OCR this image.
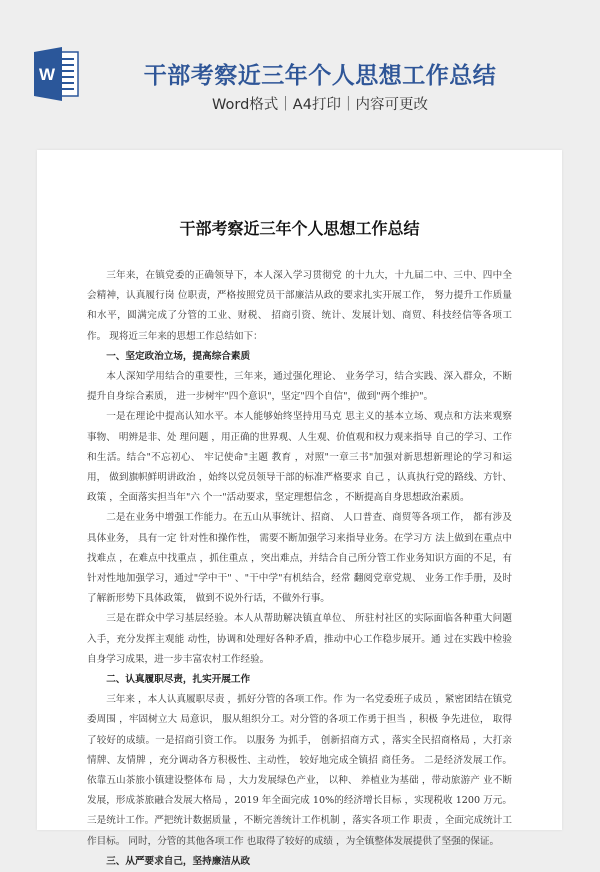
W	干部考察近三年个人思想工作总结
Word格式｜A4打印｜内容可更改
干部考察近三年个人思想工作总结

三年来，在镇党委的正确领导下，本人深入学习贯彻党 的十九大，十九届二中、三中、四中全会精神，认真履行岗 位职责，严格按照党员干部廉洁从政的要求扎实开展工作， 努力提升工作质量和水平，圆满完成了分管的工业、财税、 招商引资、统计、发展计划、商贸、科技经信等各项工作。 现将近三年来的思想工作总结如下：

一、坚定政治立场，提高综合素质

本人深知学用结合的重要性，三年来，通过强化理论、 业务学习，结合实践、深入群众，不断提升自身综合素质， 进一步树牢"四个意识"，坚定"四个自信"，做到"两个维护"。

一是在理论中提高认知水平。本人能够始终坚持用马克 思主义的基本立场、观点和方法来观察事物、 明辨是非、处 理问题 ，用正确的世界观、人生观、价值观和权力观来指导 自己的学习、工作和生活。结合"不忘初心、 牢记使命"主题 教育 ，对照"一章三书"加强对新思想新理论的学习和运用， 做到旗帜鲜明讲政治 ，始终以党员领导干部的标准严格要求 自己 ，认真执行党的路线、方针、政策 ，全面落实担当年"六 个一"活动要求，坚定理想信念 ，不断提高自身思想政治素质。

二是在业务中增强工作能力。在五山从事统计、招商、 人口普查、商贸等各项工作， 都有涉及具体业务， 具有一定 针对性和操作性， 需要不断加强学习来指导业务。在学习方 法上做到在重点中找难点 ，在难点中找重点 ，抓住重点 ，突出难点，并结合自己所分管工作业务知识方面的不足，有针对性地加强学习，通过"学中干" 、"干中学"有机结合，经常 翻阅党章党规、 业务工作手册，及时了解新形势下具体政策， 做到不说外行话，不做外行事。

三是在群众中学习基层经验。本人从帮助解决镇直单位、 所驻村社区的实际面临各种重大问题入手，充分发挥主观能 动性，协调和处理好各种矛盾，推动中心工作稳步展开。通 过在实践中检验自身学习成果，进一步丰富农村工作经验。

二、认真履职尽责，扎实开展工作

三年来 ，本人认真履职尽责 ，抓好分管的各项工作。作 为一名党委班子成员 ，紧密团结在镇党委周围 ，牢固树立大 局意识， 服从组织分工。对分管的各项工作勇于担当 ，积极 争先进位， 取得了较好的成绩。一是招商引资工作。 以服务 为抓手， 创新招商方式 ，落实全民招商格局 ，大打亲情牌、友情牌 ，充分调动各方积极性、主动性， 较好地完成全镇招 商任务。 二是经济发展工作。 依靠五山茶旅小镇建设整体布 局 ，大力发展绿色产业， 以种、 养植业为基础 ，带动旅游产 业不断发展，形成茶旅融合发展大格局 ，2019 年全面完成 10%的经济增长目标 ，实现税收 1200 万元。三是统计工作。严把统计数据质量 ，不断完善统计工作机制 ，落实各项工作 职责 ，全面完成统计工作目标。 同时，分管的其他各项工作 也取得了较好的成绩 ，为全镇整体发展提供了坚强的保证。

三、从严要求自己，坚持廉洁从政
